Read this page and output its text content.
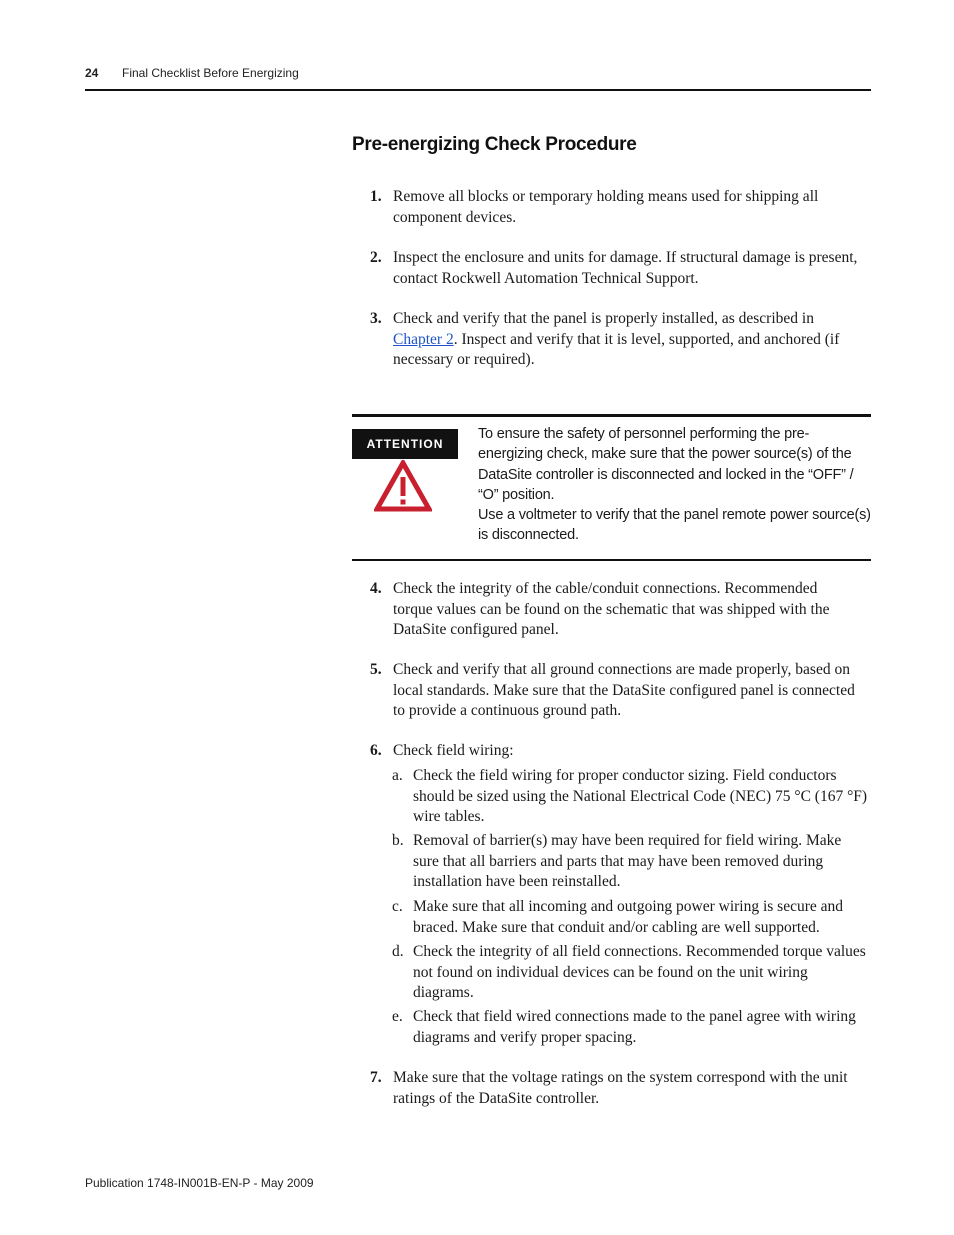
24 Final Checklist Before Energizing
Pre-energizing Check Procedure
1. Remove all blocks or temporary holding means used for shipping all component devices.
2. Inspect the enclosure and units for damage. If structural damage is present, contact Rockwell Automation Technical Support.
3. Check and verify that the panel is properly installed, as described in Chapter 2. Inspect and verify that it is level, supported, and anchored (if necessary or required).
ATTENTION

To ensure the safety of personnel performing the pre-energizing check, make sure that the power source(s) of the DataSite controller is disconnected and locked in the “OFF” / “O” position.

Use a voltmeter to verify that the panel remote power source(s) is disconnected.

4. Check the integrity of the cable/conduit connections. Recommended torque values can be found on the schematic that was shipped with the DataSite configured panel.
5. Check and verify that all ground connections are made properly, based on local standards. Make sure that the DataSite configured panel is connected to provide a continuous ground path.
6. Check field wiring:
a. Check the field wiring for proper conductor sizing. Field conductors should be sized using the National Electrical Code (NEC) 75 °C (167 °F) wire tables.
b. Removal of barrier(s) may have been required for field wiring. Make sure that all barriers and parts that may have been removed during installation have been reinstalled.
c. Make sure that all incoming and outgoing power wiring is secure and braced. Make sure that conduit and/or cabling are well supported.
d. Check the integrity of all field connections. Recommended torque values not found on individual devices can be found on the unit wiring diagrams.
e. Check that field wired connections made to the panel agree with wiring diagrams and verify proper spacing.
7. Make sure that the voltage ratings on the system correspond with the unit ratings of the DataSite controller.
Publication 1748-IN001B-EN-P - May 2009
